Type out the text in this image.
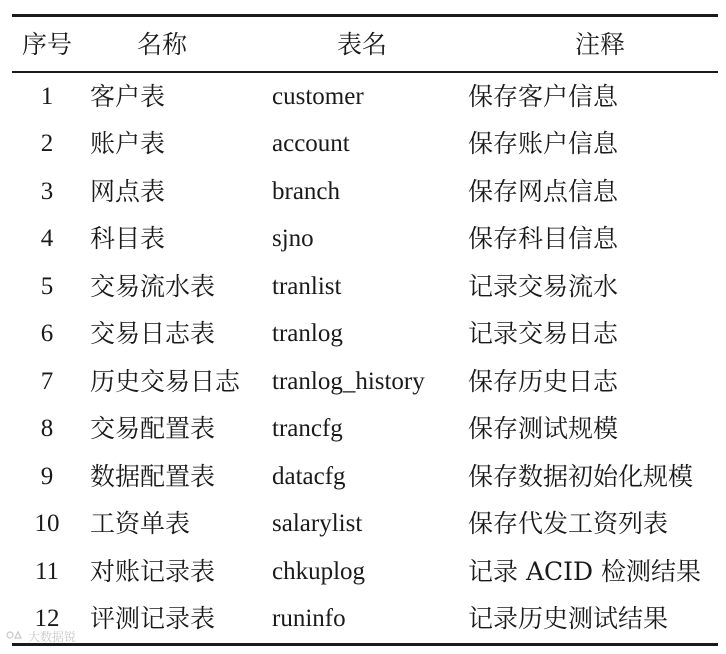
序号	名称	表名	注释
1	客户表	customer	保存客户信息
2	账户表	account	保存账户信息
3	网点表	branch	保存网点信息
4	科目表	sjno	保存科目信息
5	交易流水表	tranlist	记录交易流水
6	交易日志表	tranlog	记录交易日志
7	历史交易日志	tranlog_history	保存历史日志
8	交易配置表	trancfg	保存测试规模
9	数据配置表	datacfg	保存数据初始化规模
10	工资单表	salarylist	保存代发工资列表
11	对账记录表	chkuplog	记录 ACID 检测结果
12	评测记录表	runinfo	记录历史测试结果
大数据锐
